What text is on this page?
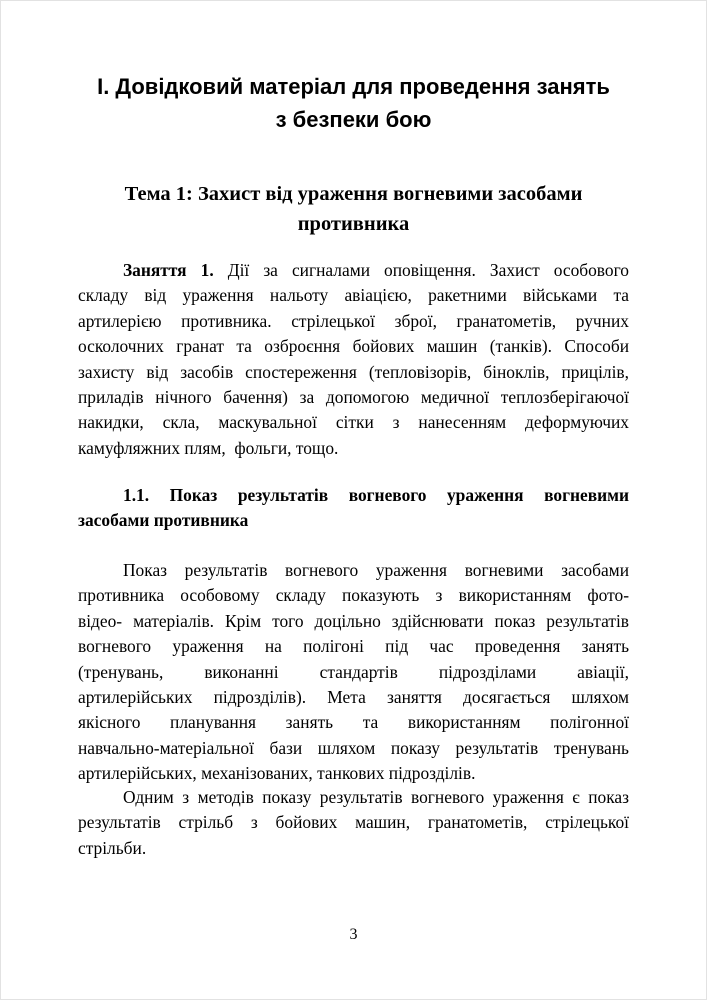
І. Довідковий матеріал для проведення занять
з безпеки бою
Тема 1: Захист від ураження вогневими засобами
противника
Заняття 1. Дії за сигналами оповіщення. Захист особового
складу від ураження нальоту авіацією, ракетними військами та
артилерією противника. стрілецької зброї, гранатометів, ручних
осколочних гранат та озброєння бойових машин (танків). Способи
захисту від засобів спостереження (тепловізорів, біноклів, прицілів,
приладів нічного бачення) за допомогою медичної теплозберігаючої
накидки, скла, маскувальної сітки з нанесенням деформуючих
камуфляжних плям,  фольги, тощо.
1.1. Показ результатів вогневого ураження вогневими
засобами противника
Показ результатів вогневого ураження вогневими засобами
противника особовому складу показують з використанням фото-
відео- матеріалів. Крім того доцільно здійснювати показ результатів
вогневого ураження на полігоні під час проведення занять
(тренувань, виконанні стандартів підрозділами авіації,
артилерійських підрозділів). Мета заняття досягається шляхом
якісного планування занять та використанням полігонної
навчально-матеріальної бази шляхом показу результатів тренувань
артилерійських, механізованих, танкових підрозділів.
Одним з методів показу результатів вогневого ураження є показ
результатів стрільб з бойових машин, гранатометів, стрілецької
стрільби.
3
